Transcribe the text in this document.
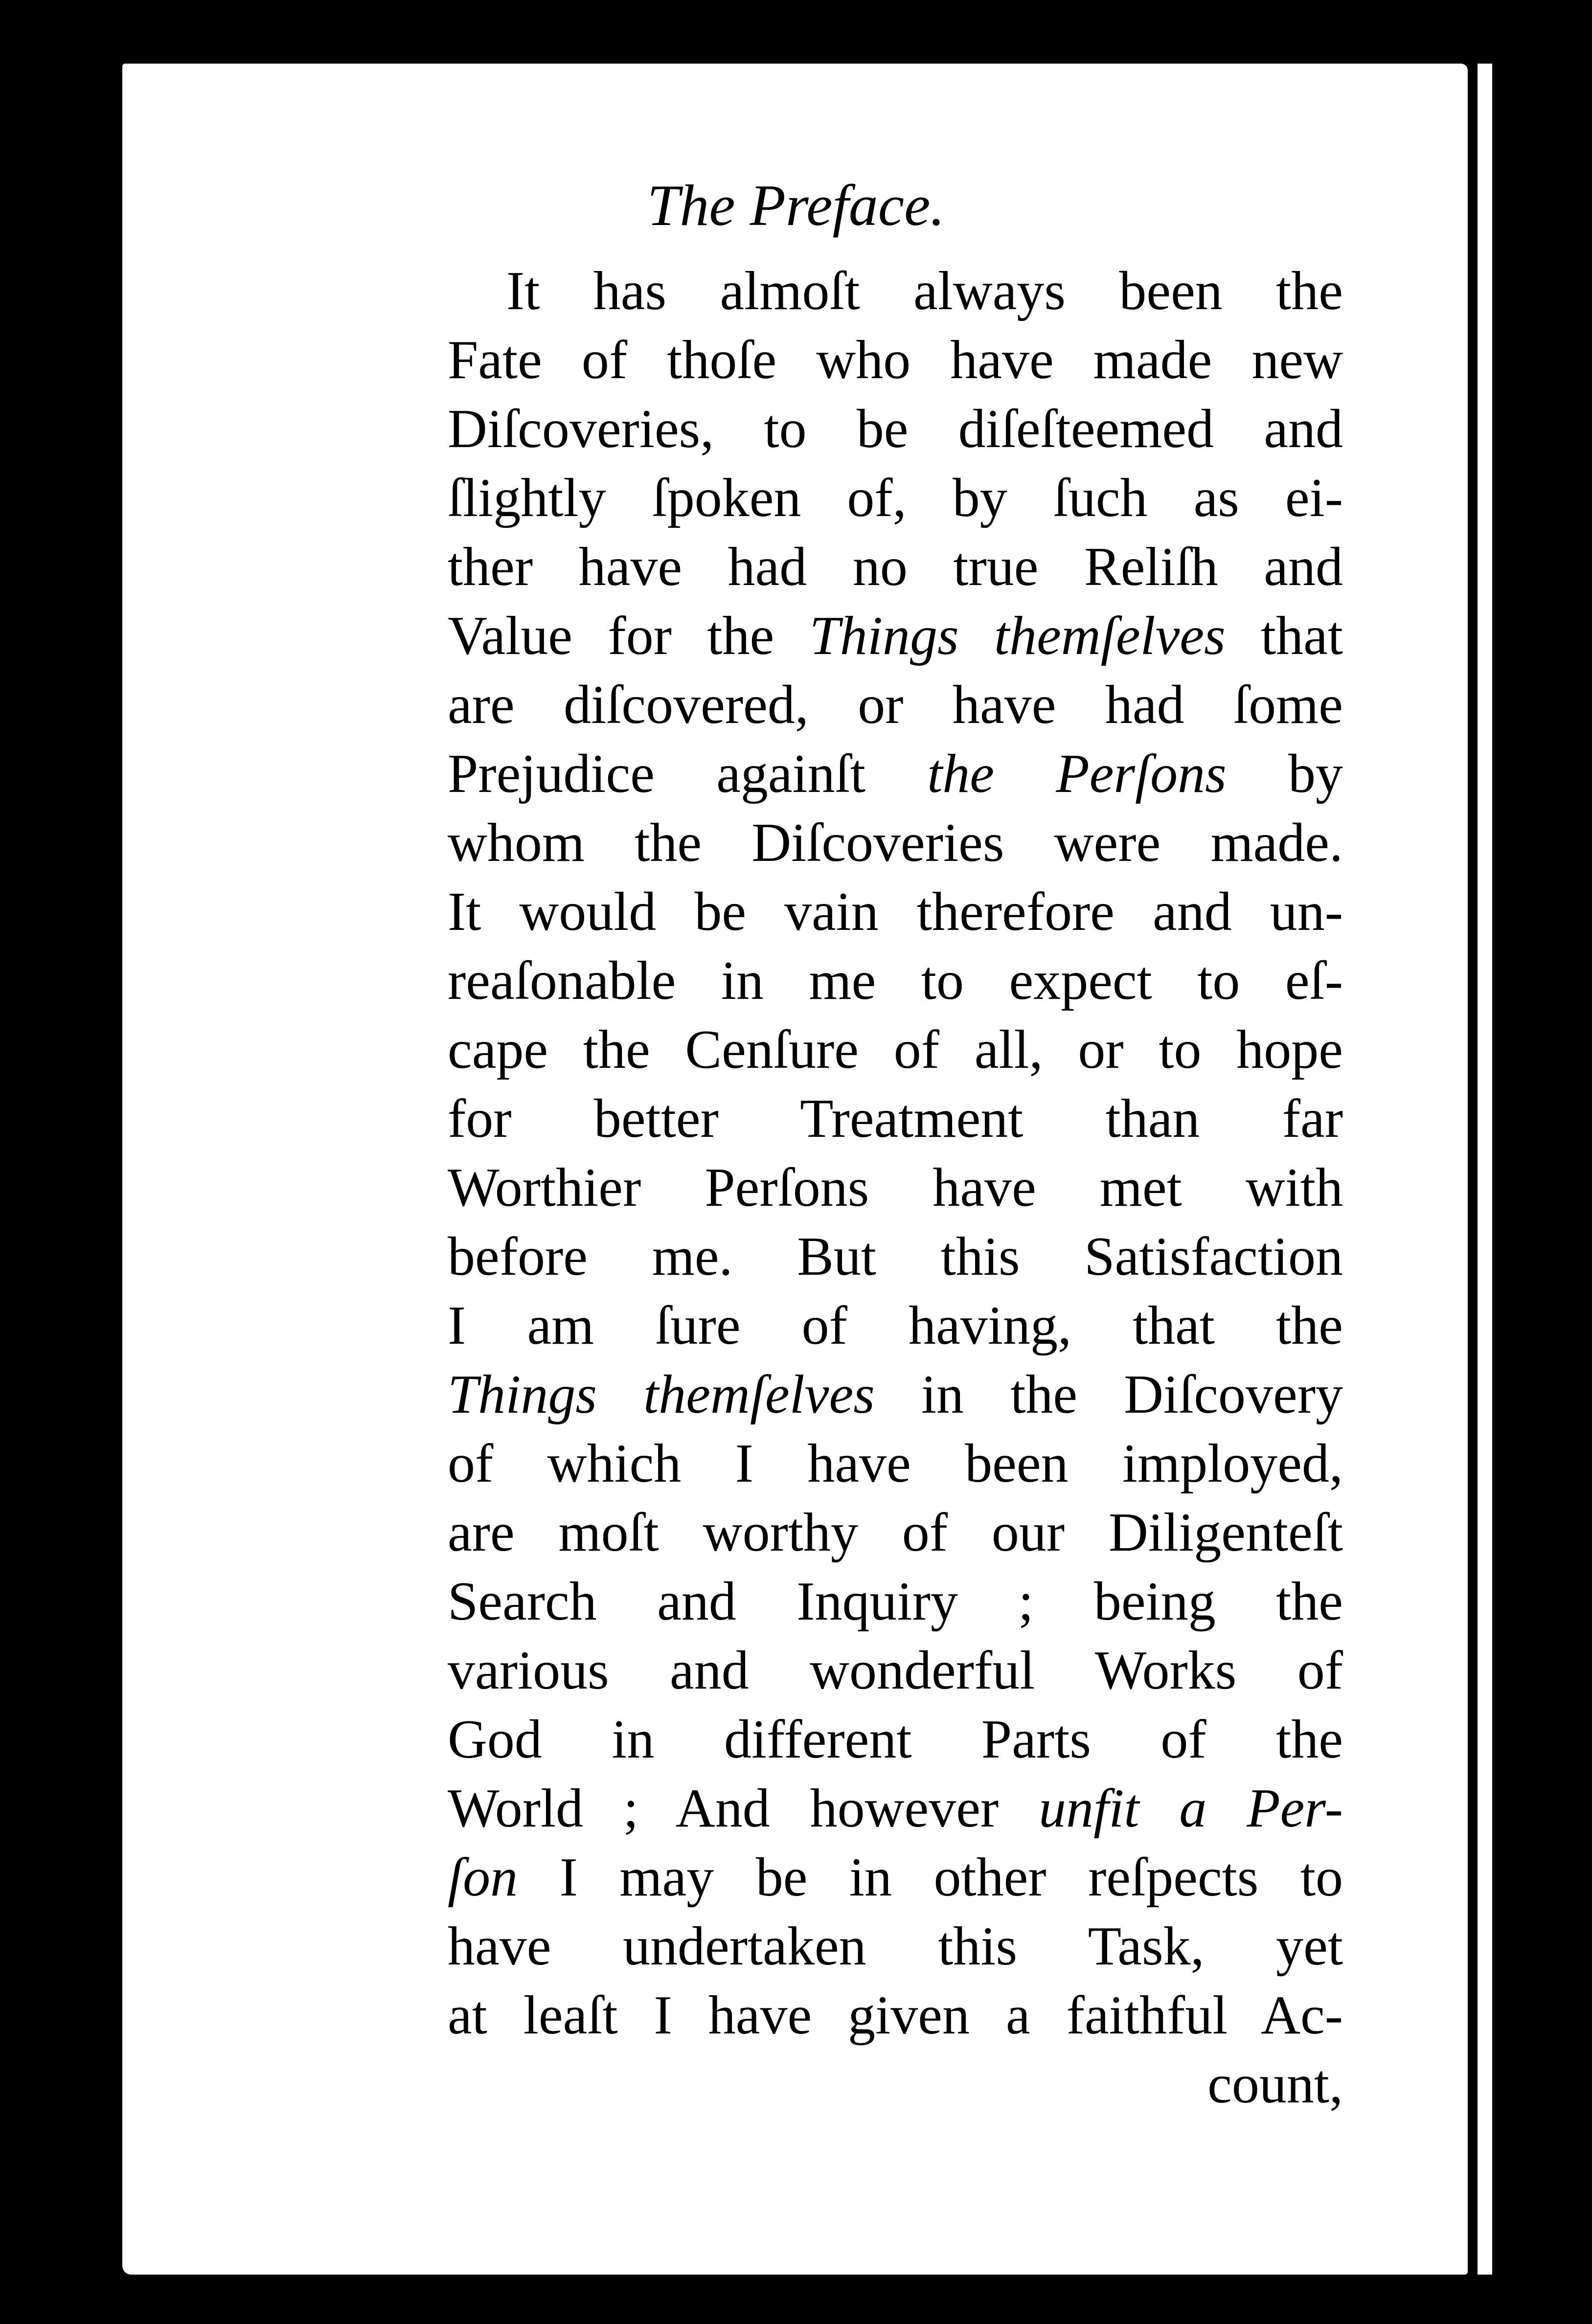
The Preface.
It has almoſt always been the
Fate of thoſe who have made new
Diſcoveries, to be diſeſteemed and
ſlightly ſpoken of, by ſuch as ei-
ther have had no true Reliſh and
Value for the Things themſelves that
are diſcovered, or have had ſome
Prejudice againſt the Perſons by
whom the Diſcoveries were made.
It would be vain therefore and un-
reaſonable in me to expect to eſ-
cape the Cenſure of all, or to hope
for better Treatment than far
Worthier Perſons have met with
before me. But this Satisfaction
I am ſure of having, that the
Things themſelves in the Diſcovery
of which I have been imployed,
are moſt worthy of our Diligenteſt
Search and Inquiry ; being the
various and wonderful Works of
God in different Parts of the
World ; And however unfit a Per-
ſon I may be in other reſpects to
have undertaken this Task, yet
at leaſt I have given a faithful Ac-
count,
